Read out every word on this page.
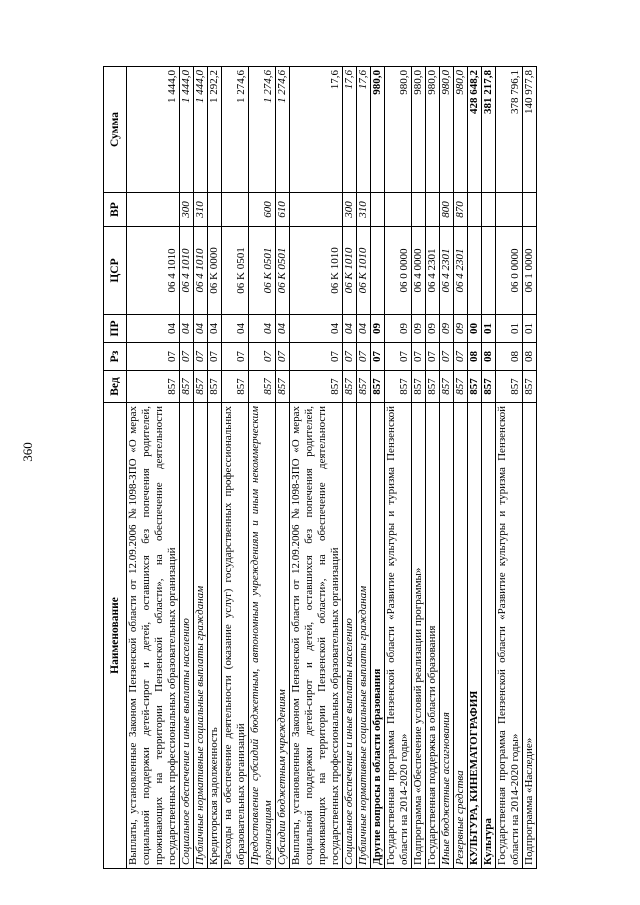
360
Наименование	Вед	Рз	ПР	ЦСР	ВР	Сумма
Выплаты, установленные Законом Пензенской области от 12.09.2006 №1098-ЗПО «О мерах социальной поддержки детей-сирот и детей, оставшихся без попечения родителей, проживающих на территории Пензенской области», на обеспечение деятельности государственных профессиональных образовательных организаций	857	07	04	06 4 1010		1 444,0
Социальное обеспечение и иные выплаты населению	857	07	04	06 4 1010	300	1 444,0
Публичные нормативные социальные выплаты гражданам	857	07	04	06 4 1010	310	1 444,0
Кредиторская задолженность	857	07	04	06 K 0000		1 292,2
Расходы на обеспечение деятельности (оказание услуг) государственных профессиональных образовательных организаций	857	07	04	06 K 0501		1 274,6
Предоставление субсидий бюджетным, автономным учреждениям и иным некоммерческим организациям	857	07	04	06 K 0501	600	1 274,6
Субсидии бюджетным учреждениям	857	07	04	06 K 0501	610	1 274,6
Выплаты, установленные Законом Пензенской области от 12.09.2006 №1098-ЗПО «О мерах социальной поддержки детей-сирот и детей, оставшихся без попечения родителей, проживающих на территории Пензенской области», на обеспечение деятельности государственных профессиональных образовательных организаций	857	07	04	06 K 1010		17,6
Социальное обеспечение и иные выплаты населению	857	07	04	06 K 1010	300	17,6
Публичные нормативные социальные выплаты гражданам	857	07	04	06 K 1010	310	17,6
Другие вопросы в области образования	857	07	09			980,0
Государственная программа Пензенской области «Развитие культуры и туризма Пензенской области на 2014-2020 годы»	857	07	09	06 0 0000		980,0
Подпрограмма «Обеспечение условий реализации программы»	857	07	09	06 4 0000		980,0
Государственная поддержка в области образования	857	07	09	06 4 2301		980,0
Иные бюджетные ассигнования	857	07	09	06 4 2301	800	980,0
Резервные средства	857	07	09	06 4 2301	870	980,0
КУЛЬТУРА, КИНЕМАТОГРАФИЯ	857	08	00			428 648,2
Культура	857	08	01			381 217,8
Государственная программа Пензенской области «Развитие культуры и туризма Пензенской области на 2014-2020 годы»	857	08	01	06 0 0000		378 796,1
Подпрограмма «Наследие»	857	08	01	06 1 0000		140 977,8
